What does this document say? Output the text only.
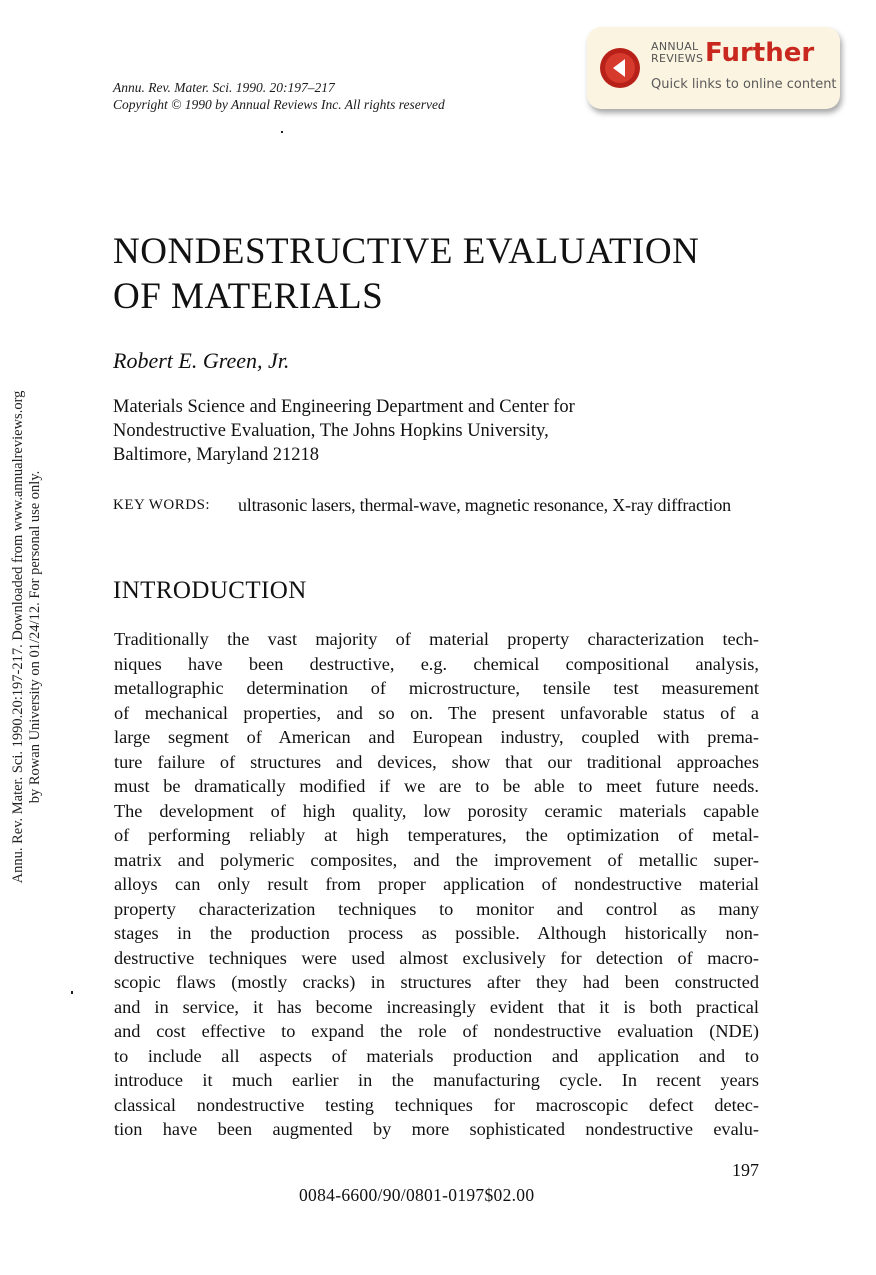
Annu. Rev. Mater. Sci. 1990. 20:197–217
Copyright © 1990 by Annual Reviews Inc. All rights reserved
ANNUAL
REVIEWS Further
Quick links to online content
Annu. Rev. Mater. Sci. 1990.20:197-217. Downloaded from www.annualreviews.org by Rowan University on 01/24/12. For personal use only.
NONDESTRUCTIVE EVALUATION
OF MATERIALS
Robert E. Green, Jr.
Materials Science and Engineering Department and Center for
Nondestructive Evaluation, The Johns Hopkins University,
Baltimore, Maryland 21218
KEY WORDS: ultrasonic lasers, thermal-wave, magnetic resonance, X-ray diffraction
INTRODUCTION
Traditionally the vast majority of material property characterization tech-
niques have been destructive, e.g. chemical compositional analysis,
metallographic determination of microstructure, tensile test measurement
of mechanical properties, and so on. The present unfavorable status of a
large segment of American and European industry, coupled with prema-
ture failure of structures and devices, show that our traditional approaches
must be dramatically modified if we are to be able to meet future needs.
The development of high quality, low porosity ceramic materials capable
of performing reliably at high temperatures, the optimization of metal-
matrix and polymeric composites, and the improvement of metallic super-
alloys can only result from proper application of nondestructive material
property characterization techniques to monitor and control as many
stages in the production process as possible. Although historically non-
destructive techniques were used almost exclusively for detection of macro-
scopic flaws (mostly cracks) in structures after they had been constructed
and in service, it has become increasingly evident that it is both practical
and cost effective to expand the role of nondestructive evaluation (NDE)
to include all aspects of materials production and application and to
introduce it much earlier in the manufacturing cycle. In recent years
classical nondestructive testing techniques for macroscopic defect detec-
tion have been augmented by more sophisticated nondestructive evalu-
197
0084-6600/90/0801-0197$02.00
